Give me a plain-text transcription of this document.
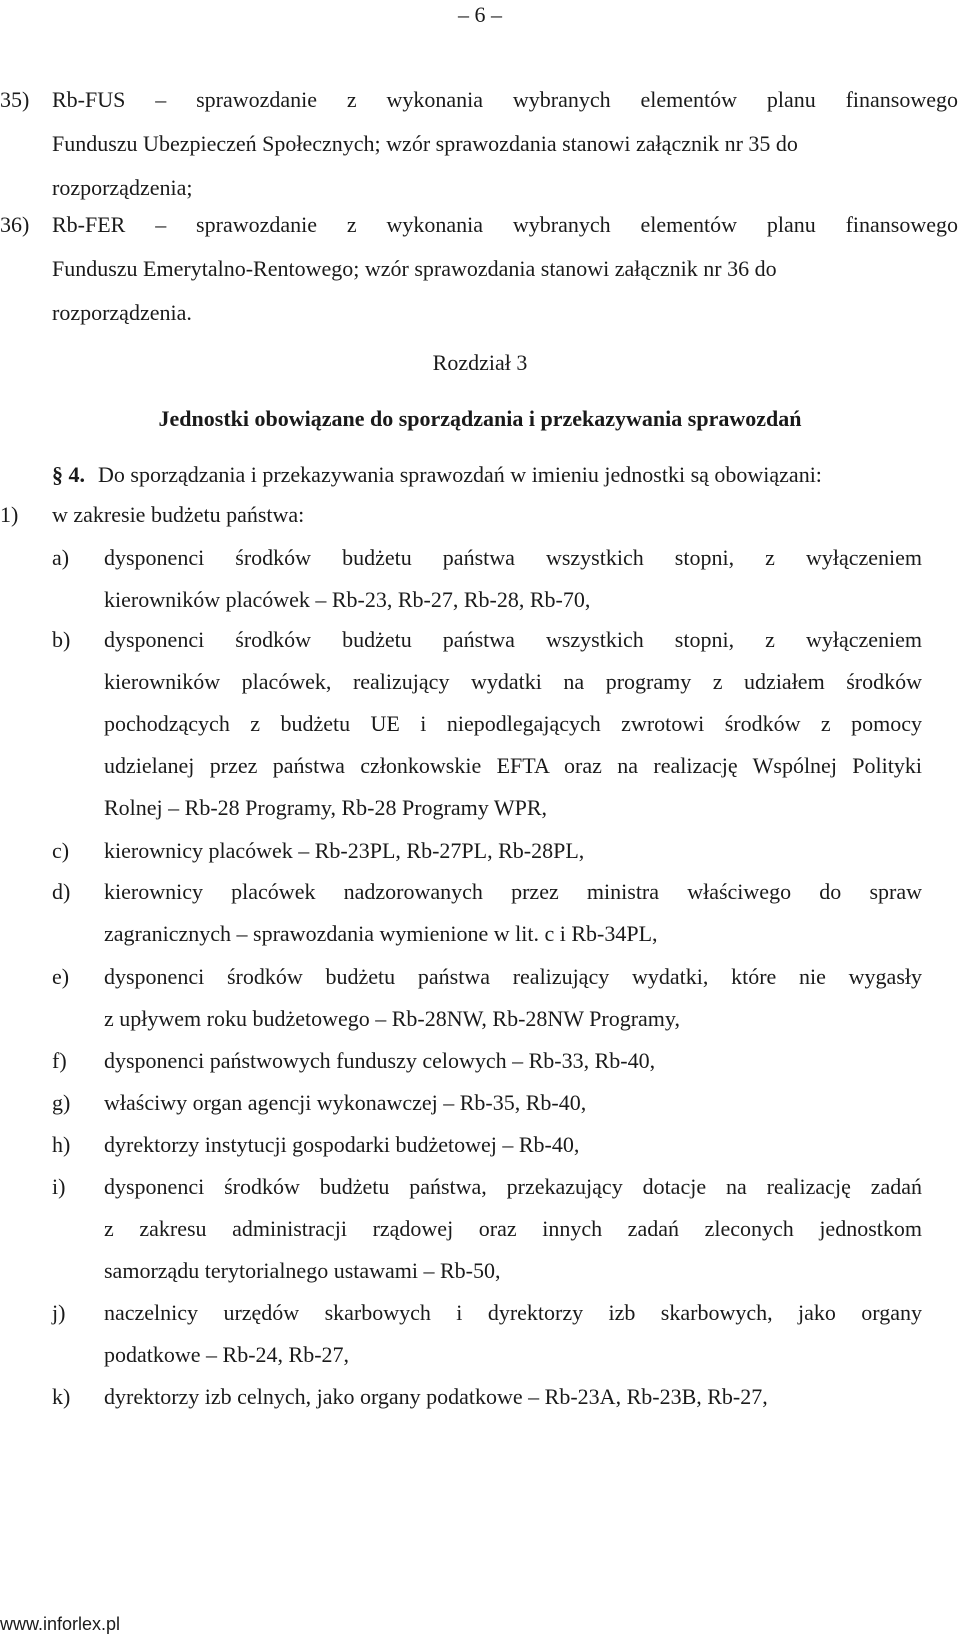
– 6 –
35) Rb-FUS – sprawozdanie z wykonania wybranych elementów planu finansowego
Funduszu Ubezpieczeń Społecznych; wzór sprawozdania stanowi załącznik nr 35 do
rozporządzenia;
36) Rb-FER – sprawozdanie z wykonania wybranych elementów planu finansowego
Funduszu Emerytalno-Rentowego; wzór sprawozdania stanowi załącznik nr 36 do
rozporządzenia.
Rozdział 3
Jednostki obowiązane do sporządzania i przekazywania sprawozdań
§ 4. Do sporządzania i przekazywania sprawozdań w imieniu jednostki są obowiązani:
1) w zakresie budżetu państwa:
a) dysponenci środków budżetu państwa wszystkich stopni, z wyłączeniem
kierowników placówek – Rb-23, Rb-27, Rb-28, Rb-70,
b) dysponenci środków budżetu państwa wszystkich stopni, z wyłączeniem
kierowników placówek, realizujący wydatki na programy z udziałem środków
pochodzących z budżetu UE i niepodlegających zwrotowi środków z pomocy
udzielanej przez państwa członkowskie EFTA oraz na realizację Wspólnej Polityki
Rolnej – Rb-28 Programy, Rb-28 Programy WPR,
c) kierownicy placówek – Rb-23PL, Rb-27PL, Rb-28PL,
d) kierownicy placówek nadzorowanych przez ministra właściwego do spraw
zagranicznych – sprawozdania wymienione w lit. c i Rb-34PL,
e) dysponenci środków budżetu państwa realizujący wydatki, które nie wygasły
z upływem roku budżetowego – Rb-28NW, Rb-28NW Programy,
f) dysponenci państwowych funduszy celowych – Rb-33, Rb-40,
g) właściwy organ agencji wykonawczej – Rb-35, Rb-40,
h) dyrektorzy instytucji gospodarki budżetowej – Rb-40,
i) dysponenci środków budżetu państwa, przekazujący dotacje na realizację zadań
z zakresu administracji rządowej oraz innych zadań zleconych jednostkom
samorządu terytorialnego ustawami – Rb-50,
j) naczelnicy urzędów skarbowych i dyrektorzy izb skarbowych, jako organy
podatkowe – Rb-24, Rb-27,
k) dyrektorzy izb celnych, jako organy podatkowe – Rb-23A, Rb-23B, Rb-27,
www.inforlex.pl
